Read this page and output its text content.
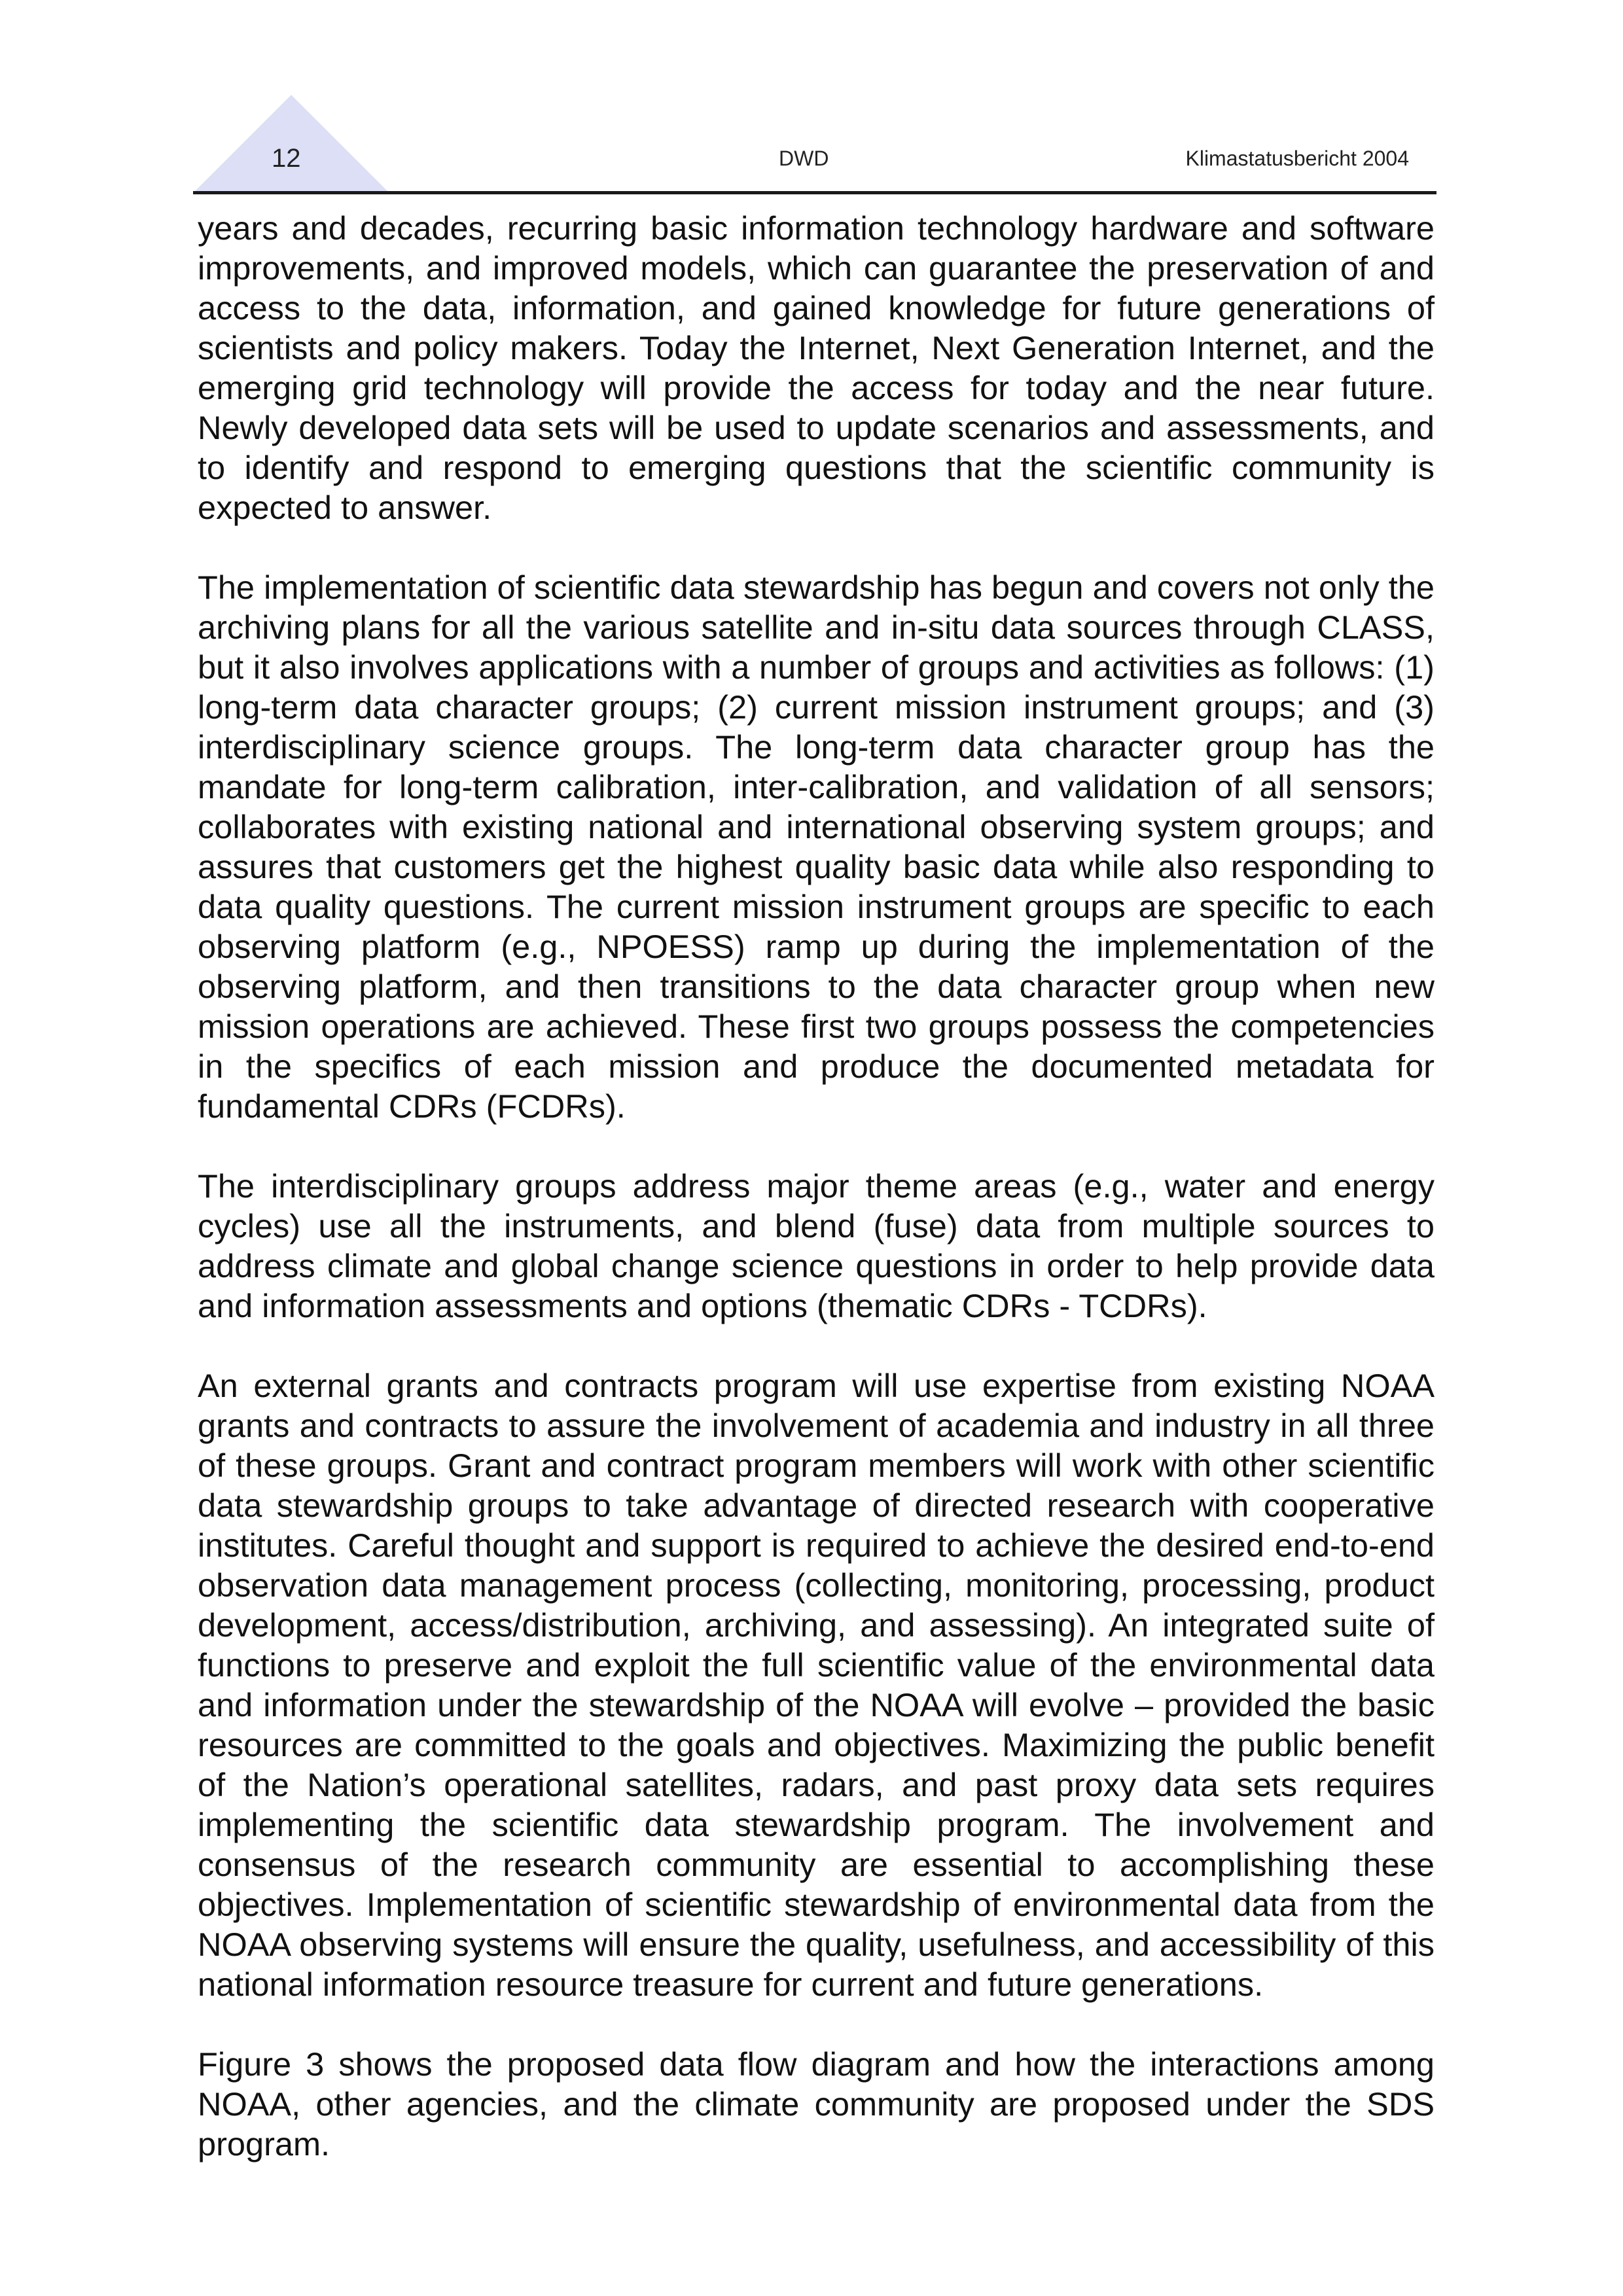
12	DWD	Klimastatusbericht 2004

years and decades, recurring basic information technology hardware and software improvements, and improved models, which can guarantee the preservation of and access to the data, information, and gained knowledge for future generations of scientists and policy makers. Today the Internet, Next Generation Internet, and the emerging grid technology will provide the access for today and the near future. Newly developed data sets will be used to update scenarios and assessments, and to identify and respond to emerging questions that the scientific community is expected to answer.

The implementation of scientific data stewardship has begun and covers not only the archiving plans for all the various satellite and in-situ data sources through CLASS, but it also involves applications with a number of groups and activities as follows: (1) long-term data character groups; (2) current mission instrument groups; and (3) interdisciplinary science groups. The long-term data character group has the mandate for long-term calibration, inter-calibration, and validation of all sensors; collaborates with existing national and international observing system groups; and assures that customers get the highest quality basic data while also responding to data quality questions. The current mission instrument groups are specific to each observing platform (e.g., NPOESS) ramp up during the implementation of the observing platform, and then transitions to the data character group when new mission operations are achieved. These first two groups possess the competencies in the specifics of each mission and produce the documented metadata for fundamental CDRs (FCDRs).

The interdisciplinary groups address major theme areas (e.g., water and energy cycles) use all the instruments, and blend (fuse) data from multiple sources to address climate and global change science questions in order to help provide data and information assessments and options (thematic CDRs - TCDRs).

An external grants and contracts program will use expertise from existing NOAA grants and contracts to assure the involvement of academia and industry in all three of these groups. Grant and contract program members will work with other scientific data stewardship groups to take advantage of directed research with cooperative institutes. Careful thought and support is required to achieve the desired end-to-end observation data management process (collecting, monitoring, processing, product development, access/distribution, archiving, and assessing). An integrated suite of functions to preserve and exploit the full scientific value of the environmental data and information under the stewardship of the NOAA will evolve – provided the basic resources are committed to the goals and objectives. Maximizing the public benefit of the Nation’s operational satellites, radars, and past proxy data sets requires implementing the scientific data stewardship program. The involvement and consensus of the research community are essential to accomplishing these objectives. Implementation of scientific stewardship of environmental data from the NOAA observing systems will ensure the quality, usefulness, and accessibility of this national information resource treasure for current and future generations.

Figure 3 shows the proposed data flow diagram and how the interactions among NOAA, other agencies, and the climate community are proposed under the SDS program.
